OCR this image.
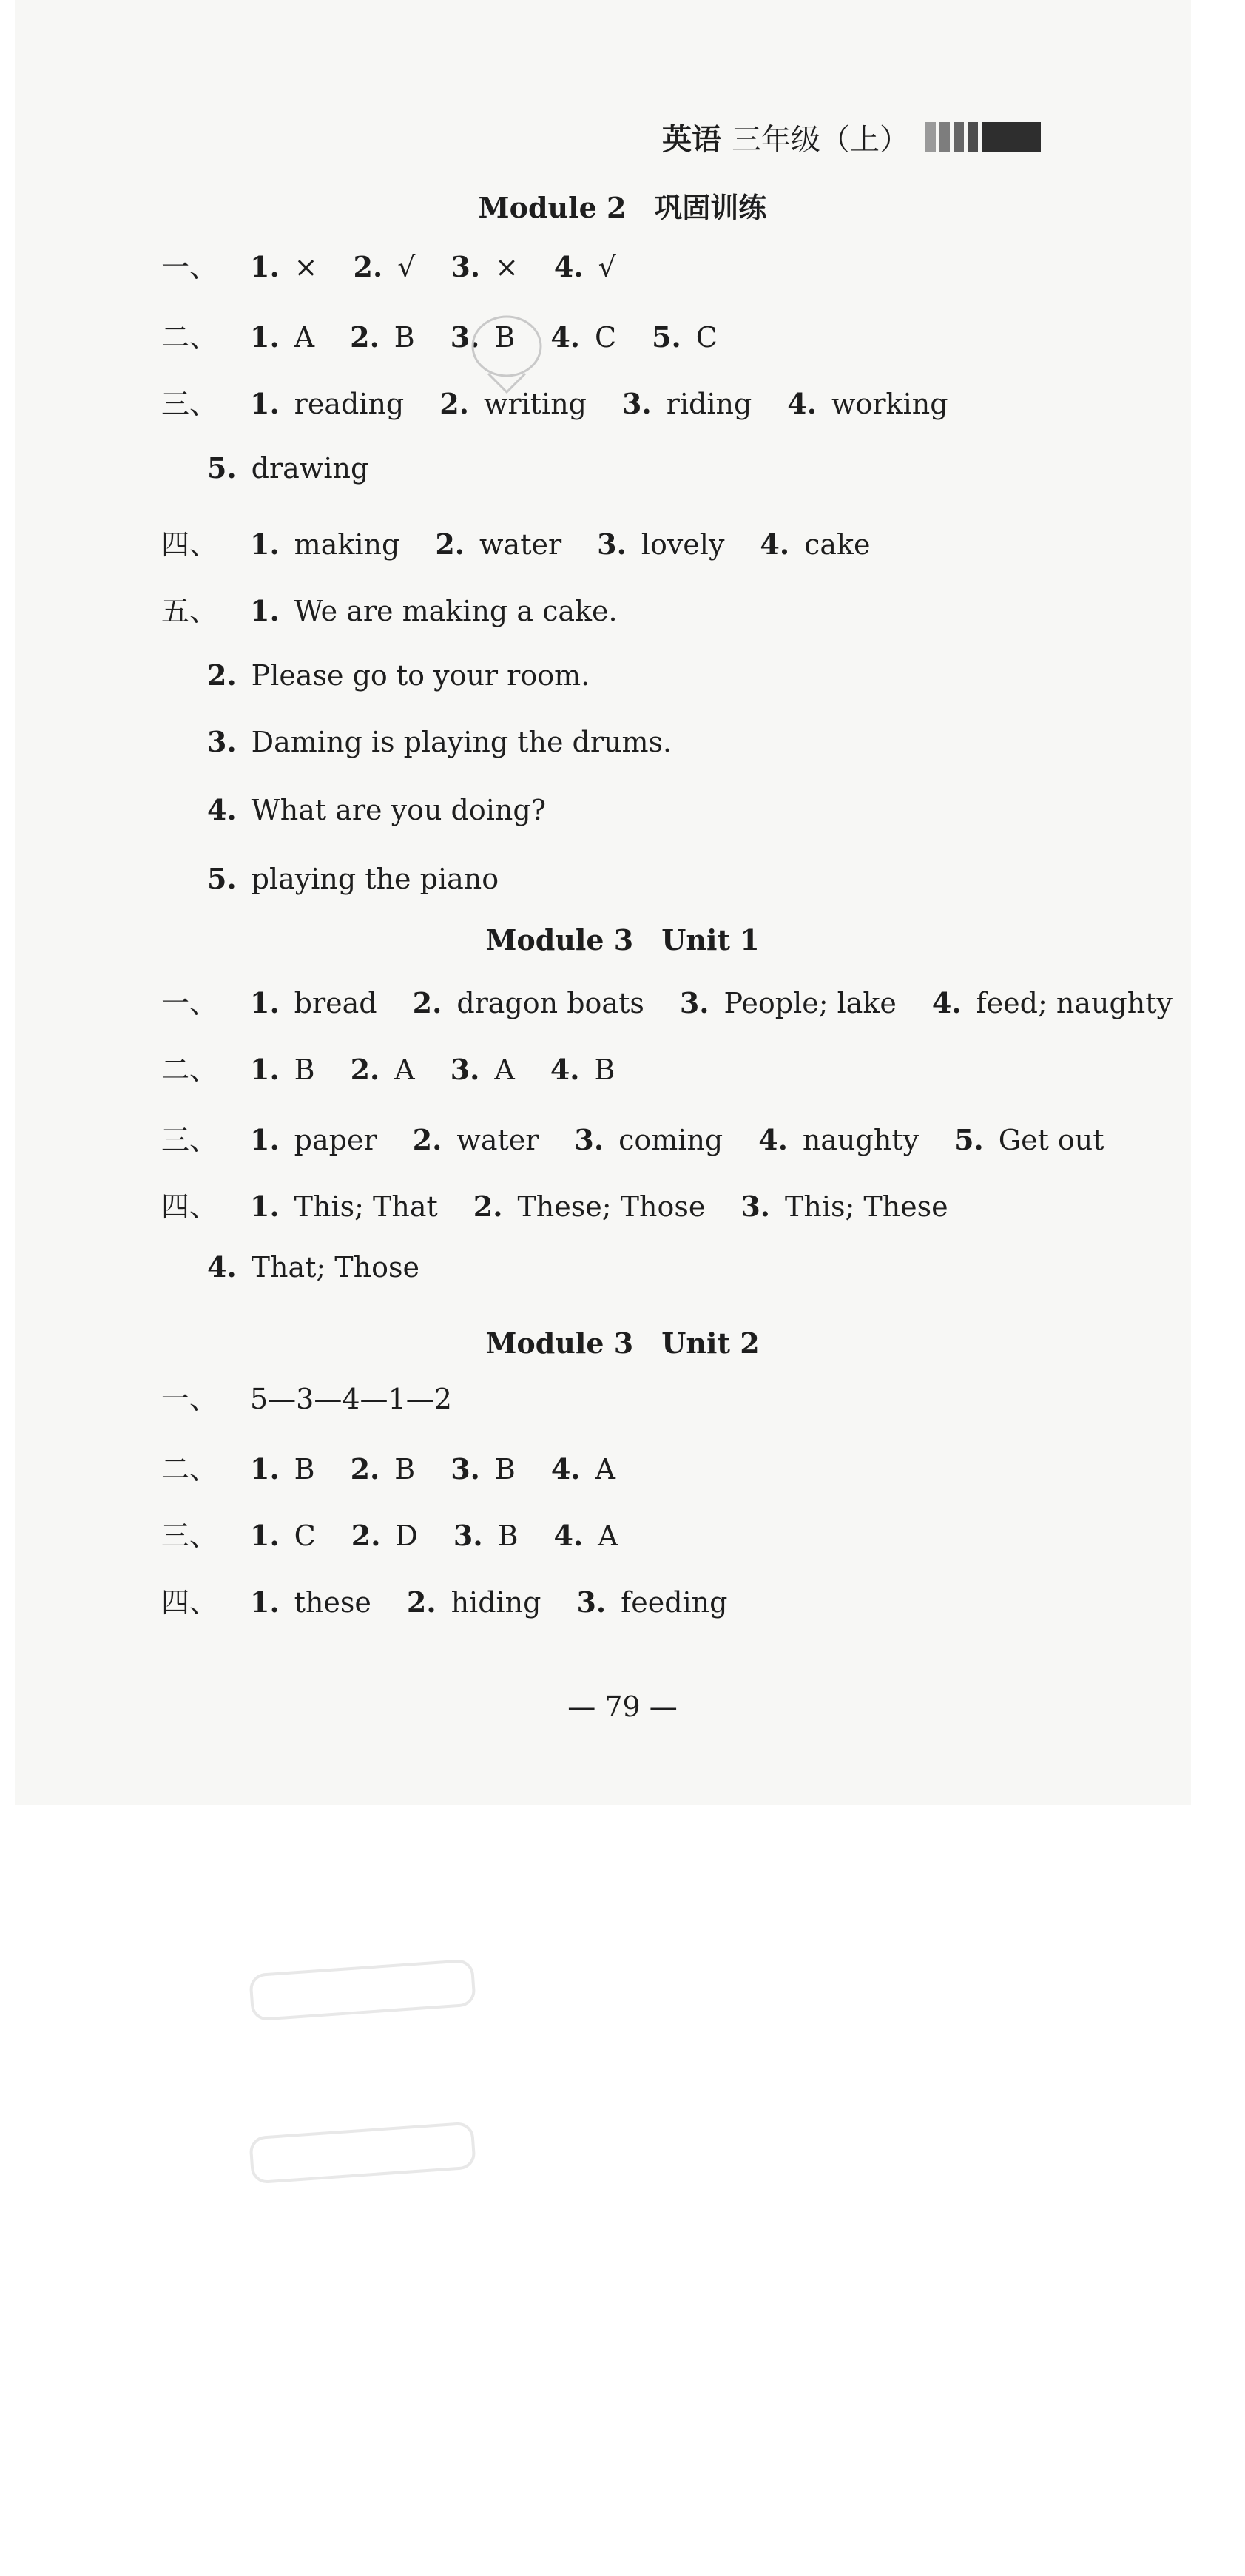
英语 三年级（上）
Module 2　巩固训练
一、	1. × 2. √ 3. × 4. √
二、	1. A 2. B 3. B 4. C 5. C
三、	1. reading 2. writing 3. riding 4. working
5. drawing
四、	1. making 2. water 3. lovely 4. cake
五、	1. We are making a cake.
2. Please go to your room.
3. Daming is playing the drums.
4. What are you doing?
5. playing the piano
Module 3　Unit 1
一、	1. bread 2. dragon boats 3. People; lake 4. feed; naughty
二、	1. B 2. A 3. A 4. B
三、	1. paper 2. water 3. coming 4. naughty 5. Get out
四、	1. This; That 2. These; Those 3. This; These
4. That; Those
Module 3　Unit 2
一、	5—3—4—1—2
二、	1. B 2. B 3. B 4. A
三、	1. C 2. D 3. B 4. A
四、	1. these 2. hiding 3. feeding
— 79 —
